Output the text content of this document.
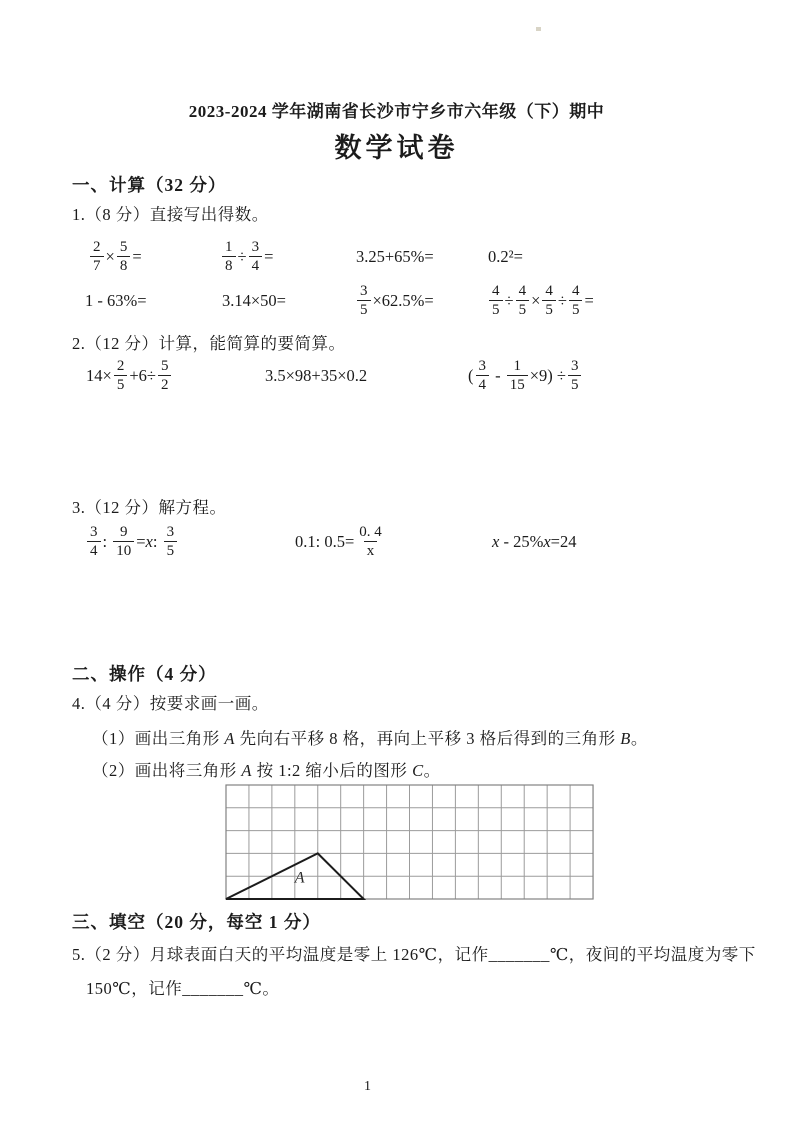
2023-2024 学年湖南省长沙市宁乡市六年级（下）期中
数学试卷
一、计算（32 分）
1.（8 分）直接写出得数。
$\frac{2}{7} \times \frac{5}{8}$ =	$\frac{1}{8} \div \frac{3}{4}$ =	3.25+65%=	0.2²=
1 - 63%=	3.14×50=	$\frac{3}{5} \times 62.5\%=$	$\frac{4}{5} \div \frac{4}{5} \times \frac{4}{5} \div \frac{4}{5}$ =
2.（12 分）计算，能简算的要简算。
$14\times \frac{2}{5} +6\div \frac{5}{2}$	3.5×98+35×0.2	( $\frac{3}{4} - \frac{1}{15} \times 9) \div \frac{3}{5}$
3.（12 分）解方程。
$\frac{3}{4}$ : $\frac{9}{10} = x$ : $\frac{3}{5}$	0.1: $0.5= \frac{0. 4}{x}$	x - 25% x =24
二、操作（4 分）
4.（4 分）按要求画一画。
（1）画出三角形 A 先向右平移 8 格，再向上平移 3 格后得到的三角形 B。
（2）画出将三角形 A 按 1:2 缩小后的图形 C。
A
三、填空（20 分，每空 1 分）
5.（2 分）月球表面白天的平均温度是零上 126℃，记作_______℃，夜间的平均温度为零下
150℃，记作_______℃。
1
